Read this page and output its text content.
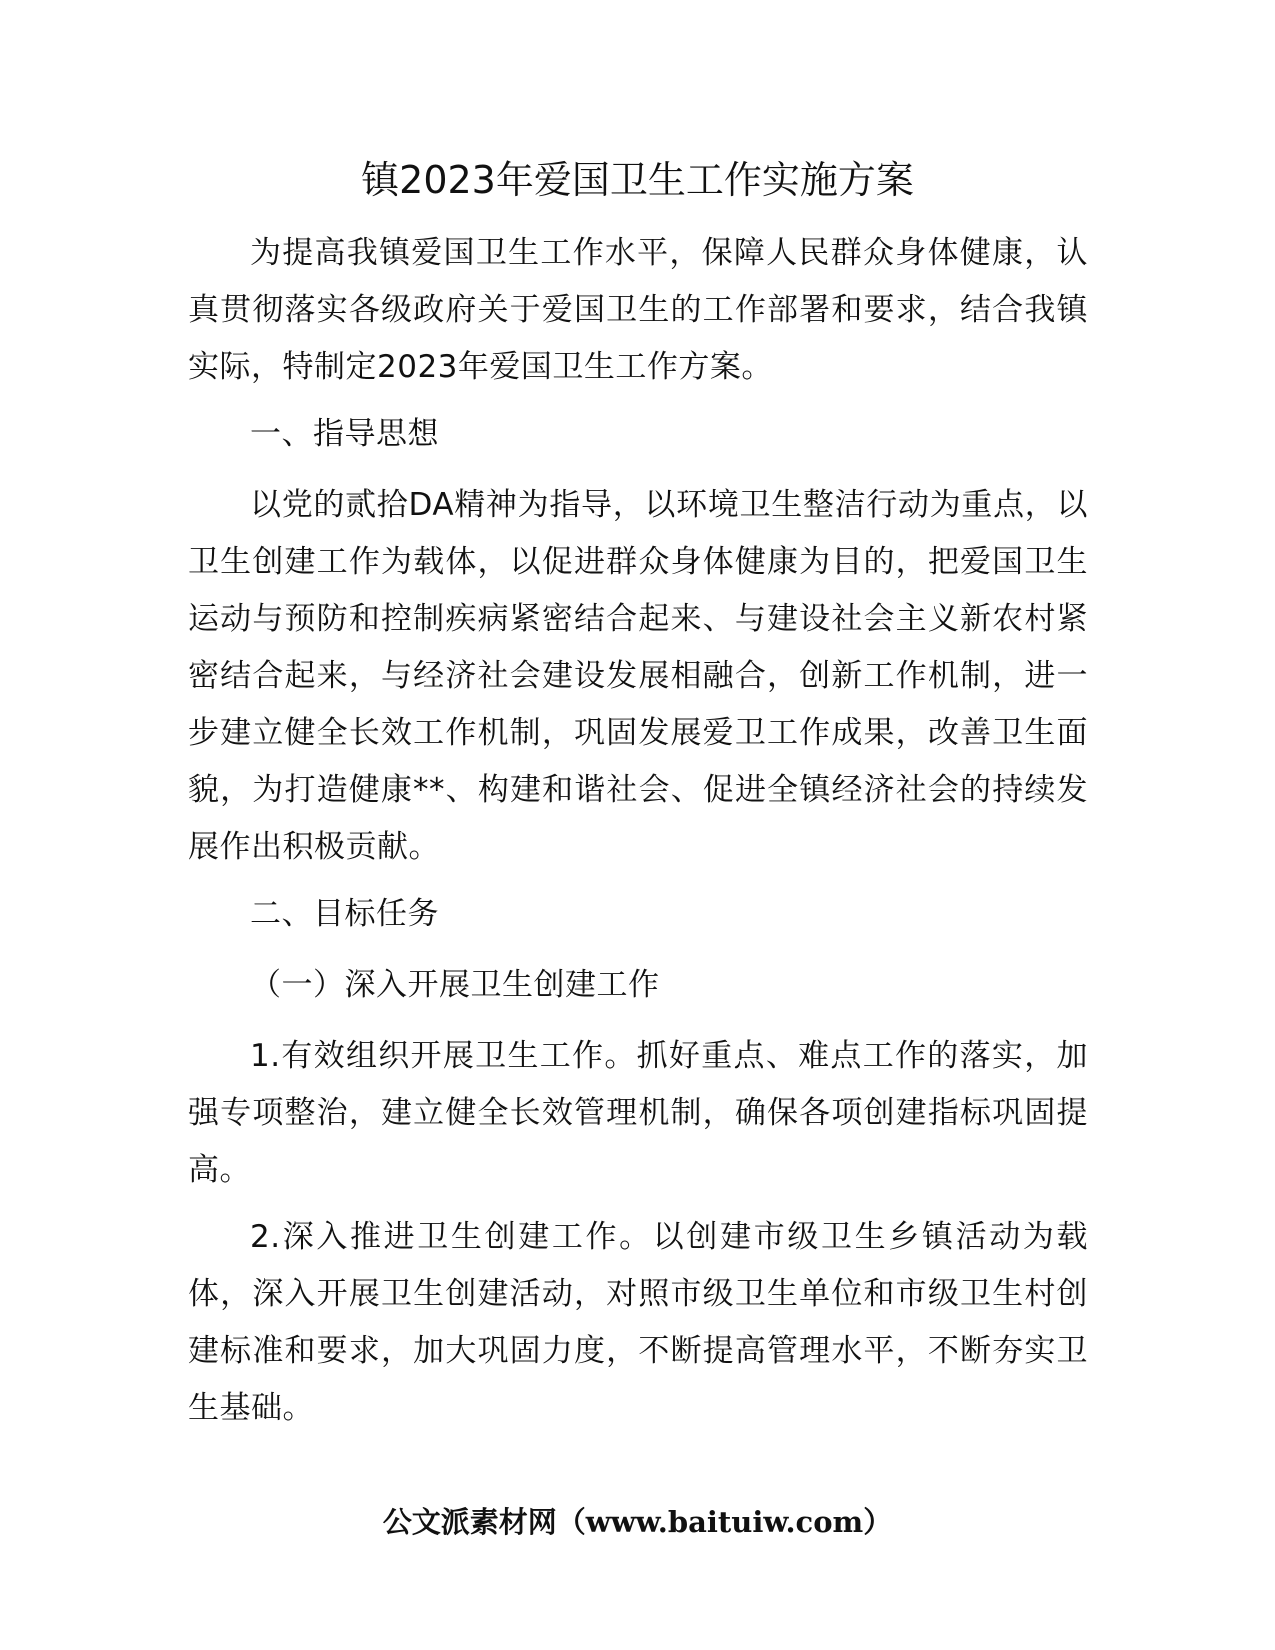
镇2023年爱国卫生工作实施方案

为提高我镇爱国卫生工作水平，保障人民群众身体健康，认真贯彻落实各级政府关于爱国卫生的工作部署和要求，结合我镇实际，特制定2023年爱国卫生工作方案。

一、指导思想

以党的贰拾DA精神为指导，以环境卫生整洁行动为重点，以卫生创建工作为载体，以促进群众身体健康为目的，把爱国卫生运动与预防和控制疾病紧密结合起来、与建设社会主义新农村紧密结合起来，与经济社会建设发展相融合，创新工作机制，进一步建立健全长效工作机制，巩固发展爱卫工作成果，改善卫生面貌，为打造健康**、构建和谐社会、促进全镇经济社会的持续发展作出积极贡献。

二、目标任务

（一）深入开展卫生创建工作

1.有效组织开展卫生工作。抓好重点、难点工作的落实，加强专项整治，建立健全长效管理机制，确保各项创建指标巩固提高。

2.深入推进卫生创建工作。以创建市级卫生乡镇活动为载体，深入开展卫生创建活动，对照市级卫生单位和市级卫生村创建标准和要求，加大巩固力度，不断提高管理水平，不断夯实卫生基础。

公文派素材网（www.baituiw.com）
